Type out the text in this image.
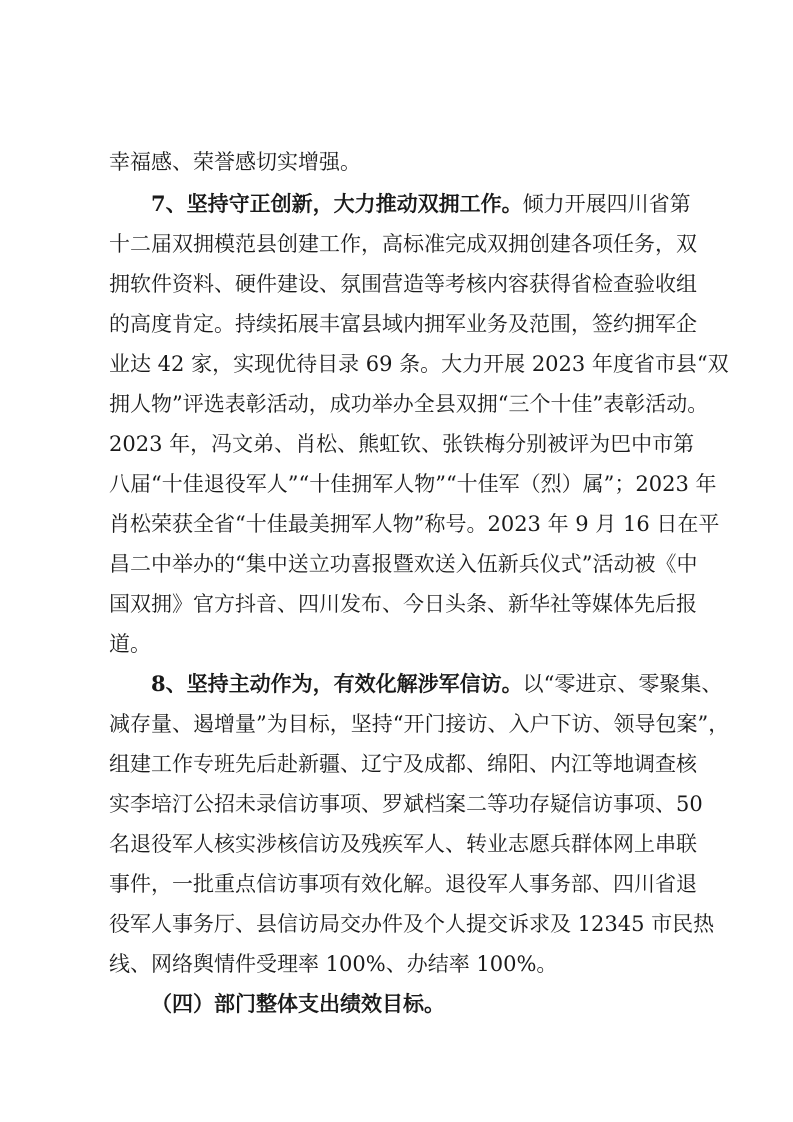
幸福感、荣誉感切实增强。
7、坚持守正创新，大力推动双拥工作。倾力开展四川省第
十二届双拥模范县创建工作，高标准完成双拥创建各项任务，双
拥软件资料、硬件建设、氛围营造等考核内容获得省检查验收组
的高度肯定。持续拓展丰富县域内拥军业务及范围，签约拥军企
业达 42 家，实现优待目录 69 条。大力开展 2023 年度省市县“双
拥人物”评选表彰活动，成功举办全县双拥“三个十佳”表彰活动。
2023 年，冯文弟、肖松、熊虹钦、张铁梅分别被评为巴中市第
八届“十佳退役军人”“十佳拥军人物”“十佳军（烈）属”；2023 年
肖松荣获全省“十佳最美拥军人物”称号。2023 年 9 月 16 日在平
昌二中举办的“集中送立功喜报暨欢送入伍新兵仪式”活动被《中
国双拥》官方抖音、四川发布、今日头条、新华社等媒体先后报
道。
8、坚持主动作为，有效化解涉军信访。以“零进京、零聚集、
减存量、遏增量”为目标，坚持“开门接访、入户下访、领导包案”，
组建工作专班先后赴新疆、辽宁及成都、绵阳、内江等地调查核
实李培汀公招未录信访事项、罗斌档案二等功存疑信访事项、50
名退役军人核实涉核信访及残疾军人、转业志愿兵群体网上串联
事件，一批重点信访事项有效化解。退役军人事务部、四川省退
役军人事务厅、县信访局交办件及个人提交诉求及 12345 市民热
线、网络舆情件受理率 100%、办结率 100%。
（四）部门整体支出绩效目标。
